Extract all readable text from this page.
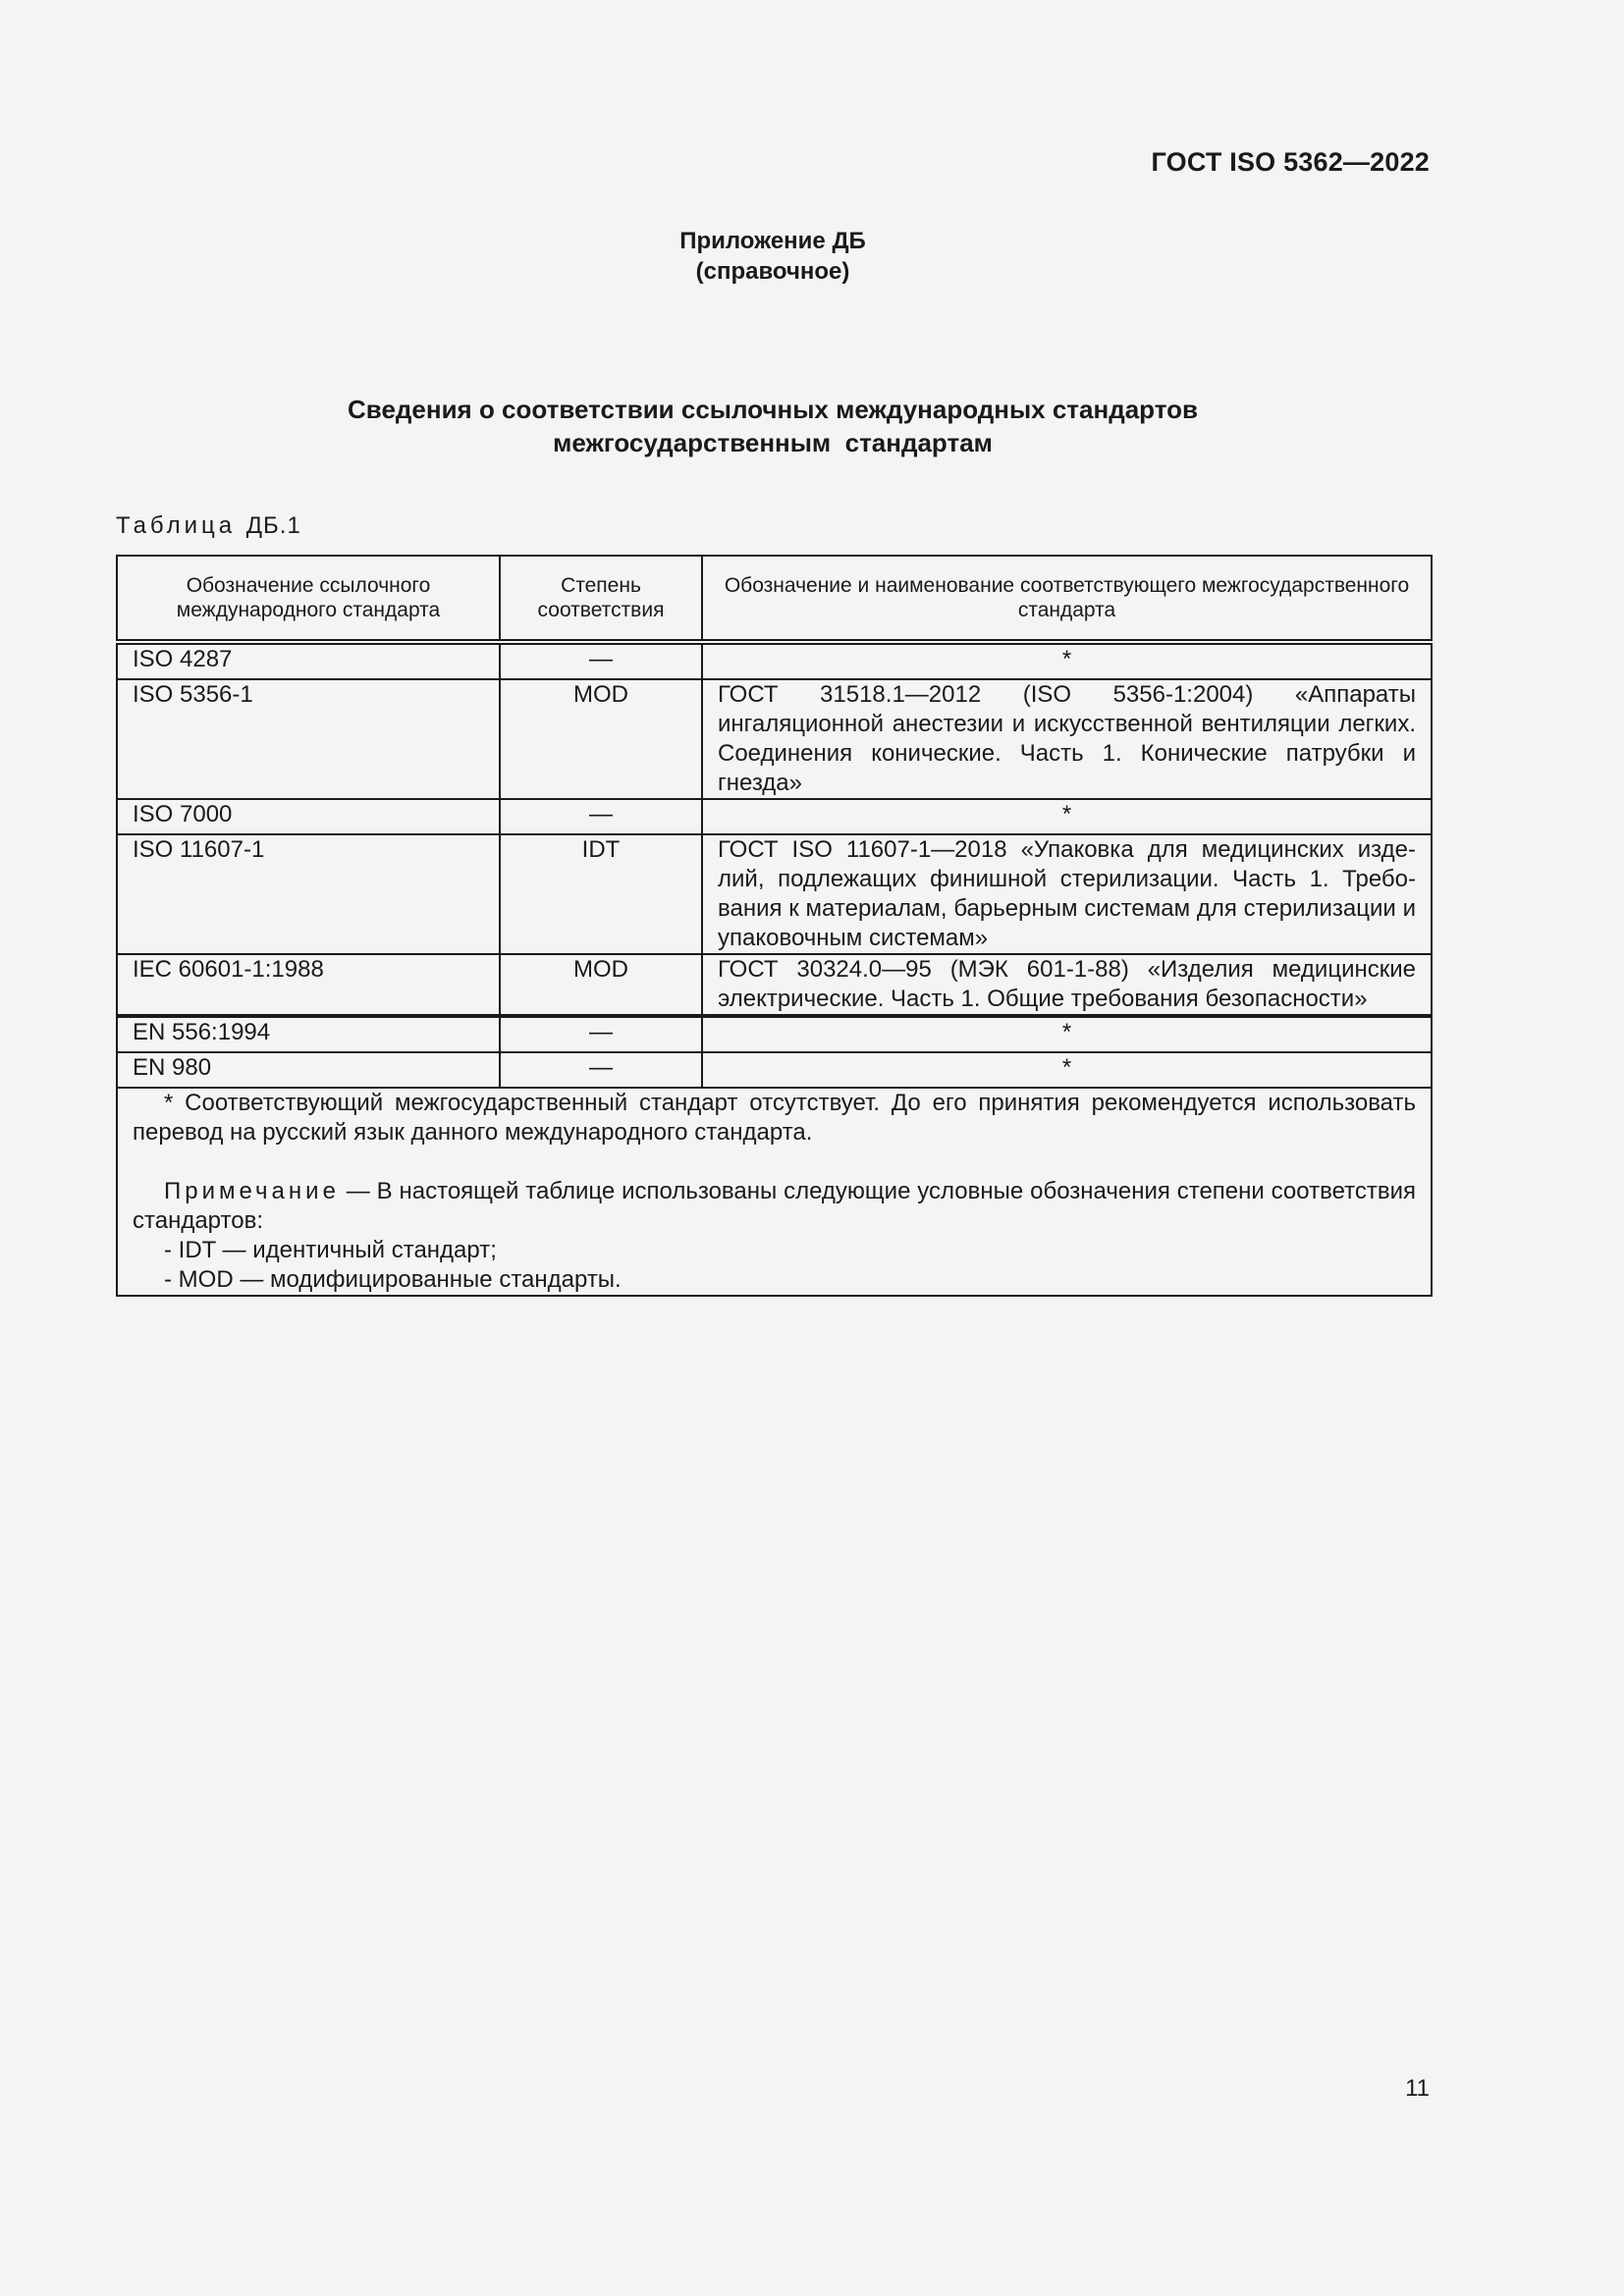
ГОСТ ISO 5362—2022
Приложение ДБ
(справочное)
Сведения о соответствии ссылочных международных стандартов
межгосударственным  стандартам
Таблица ДБ.1
Обозначение ссылочного международного стандарта	Степень соответствия	Обозначение и наименование соответствующего межгосударственного стандарта
ISO 4287	—	*
ISO 5356-1	MOD	ГОСТ 31518.1—2012 (ISO 5356-1:2004) «Аппараты ингаляционной анестезии и искусственной вентиляции легких. Соединения конические. Часть 1. Конические патрубки и гнезда»
ISO 7000	—	*
ISO 11607-1	IDT	ГОСТ ISO 11607-1—2018 «Упаковка для медицинских изде-лий, подлежащих финишной стерилизации. Часть 1. Требо-вания к материалам, барьерным системам для стерилизации и упаковочным системам»
IEC 60601-1:1988	MOD	ГОСТ 30324.0—95 (МЭК 601-1-88) «Изделия медицинские электрические. Часть 1. Общие требования безопасности»
EN 556:1994	—	*
EN 980	—	*

* Соответствующий межгосударственный стандарт отсутствует. До его принятия рекомендуется использовать перевод на русский язык данного международного стандарта.

Примечание — В настоящей таблице использованы следующие условные обозначения степени соответствия стандартов:

- IDT — идентичный стандарт;

- MOD — модифицированные стандарты.		

11
